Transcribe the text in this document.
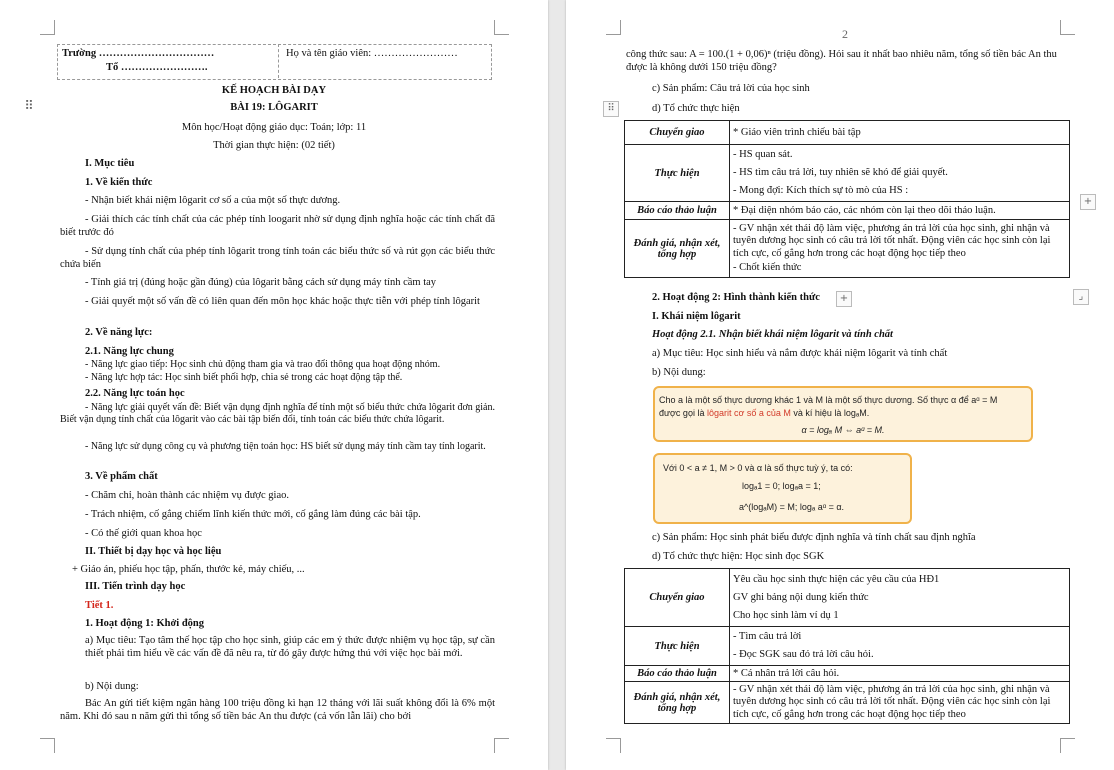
⠿
Trường ……………………………
Tổ …………………….
Họ và tên giáo viên: ……………………
KẾ HOẠCH BÀI DẠY
BÀI 19: LÔGARIT
Môn học/Hoạt động giáo dục: Toán; lớp: 11
Thời gian thực hiện: (02 tiết)
I. Mục tiêu
1. Về kiến thức
- Nhận biết khái niệm lôgarit cơ số a của một số thực dương.
- Giải thích các tính chất của các phép tính loogarit nhờ sử dụng định nghĩa hoặc các tính chất đã biết trước đó
- Sử dụng tính chất của phép tính lôgarit trong tính toán các biểu thức số và rút gọn các biểu thức chứa biến
- Tính giá trị (đúng hoặc gần đúng) của lôgarit bằng cách sử dụng máy tính cầm tay
- Giải quyết một số vấn đề có liên quan đến môn học khác hoặc thực tiễn với phép tính lôgarit
2. Về năng lực:
2.1. Năng lực chung
- Năng lực giao tiếp: Học sinh chủ động tham gia và trao đổi thông qua hoạt động nhóm.
- Năng lực hợp tác: Học sinh biết phối hợp, chia sẻ trong các hoạt động tập thể.
2.2. Năng lực toán học
- Năng lực giải quyết vấn đề: Biết vận dụng định nghĩa để tính một số biểu thức chứa lôgarit đơn giản. Biết vận dụng tính chất của lôgarit vào các bài tập biến đổi, tính toán các biểu thức chứa lôgarit.
- Năng lực sử dụng công cụ và phương tiện toán học: HS biết sử dụng máy tính cầm tay tính logarit.
3. Về phẩm chất
- Chăm chỉ, hoàn thành các nhiệm vụ được giao.
- Trách nhiệm, cố gắng chiếm lĩnh kiến thức mới, cố gắng làm đúng các bài tập.
- Có thế giới quan khoa học
II. Thiết bị dạy học và học liệu
+ Giáo án, phiếu học tập, phấn, thước kẻ, máy chiếu, ...
III. Tiến trình dạy học
Tiết 1.
1. Hoạt động 1: Khởi động
a) Mục tiêu: Tạo tâm thế học tập cho học sinh, giúp các em ý thức được nhiệm vụ học tập, sự cần thiết phải tìm hiểu về các vấn đề đã nêu ra, từ đó gây được hứng thú với việc học bài mới.
b) Nội dung:
Bác An gửi tiết kiệm ngân hàng 100 triệu đồng kì hạn 12 tháng với lãi suất không đổi là 6% một năm. Khi đó sau n năm gửi thì tổng số tiền bác An thu được (cả vốn lẫn lãi) cho bởi
2
công thức sau: A = 100.(1 + 0,06)ⁿ (triệu đồng). Hỏi sau ít nhất bao nhiêu năm, tổng số tiền bác An thu được là không dưới 150 triệu đồng?
c) Sản phẩm: Câu trả lời của học sinh
⠿	d) Tổ chức thực hiện
Chuyển giao	* Giáo viên trình chiếu bài tập

Thực hiện	- HS quan sát.
- HS tìm câu trả lời, tuy nhiên sẽ khó để giải quyết.
- Mong đợi: Kích thích sự tò mò của HS :

Báo cáo thảo luận	* Đại diện nhóm báo cáo, các nhóm còn lại theo dõi thảo luận.

Đánh giá, nhận xét, tổng hợp	- GV nhận xét thái độ làm việc, phương án trả lời của học sinh, ghi nhận và tuyên dương học sinh có câu trả lời tốt nhất. Động viên các học sinh còn lại tích cực, cố gắng hơn trong các hoạt động học tiếp theo
- Chốt kiến thức
+
2. Hoạt động 2: Hình thành kiến thức	+	⌟
I. Khái niệm lôgarit
Hoạt động 2.1. Nhận biết khái niệm lôgarit và tính chất
a) Mục tiêu: Học sinh hiểu và nắm được khái niệm lôgarit và tính chất
b) Nội dung:
Cho a là một số thực dương khác 1 và M là một số thực dương. Số thực α để aᵅ = M
được gọi là lôgarit cơ số a của M và kí hiệu là logₐM.
α = logₐ M ⇔ aᵅ = M.
Với 0 < a ≠ 1, M > 0 và α là số thực tuỳ ý, ta có:
logₐ1 = 0; logₐa = 1;
a^(logₐM) = M; logₐ aᵅ = α.
c) Sản phẩm: Học sinh phát biểu được định nghĩa và tính chất sau định nghĩa
d) Tổ chức thực hiện: Học sinh đọc SGK
Chuyển giao	Yêu cầu học sinh thực hiện các yêu cầu của HĐ1
GV ghi bảng nội dung kiến thức
Cho học sinh làm ví dụ 1

Thực hiện	- Tìm câu trả lời
- Đọc SGK sau đó trả lời câu hỏi.

Báo cáo thảo luận	* Cá nhân trả lời câu hỏi.

Đánh giá, nhận xét, tổng hợp	- GV nhận xét thái độ làm việc, phương án trả lời của học sinh, ghi nhận và tuyên dương học sinh có câu trả lời tốt nhất. Động viên các học sinh còn lại tích cực, cố gắng hơn trong các hoạt động học tiếp theo
